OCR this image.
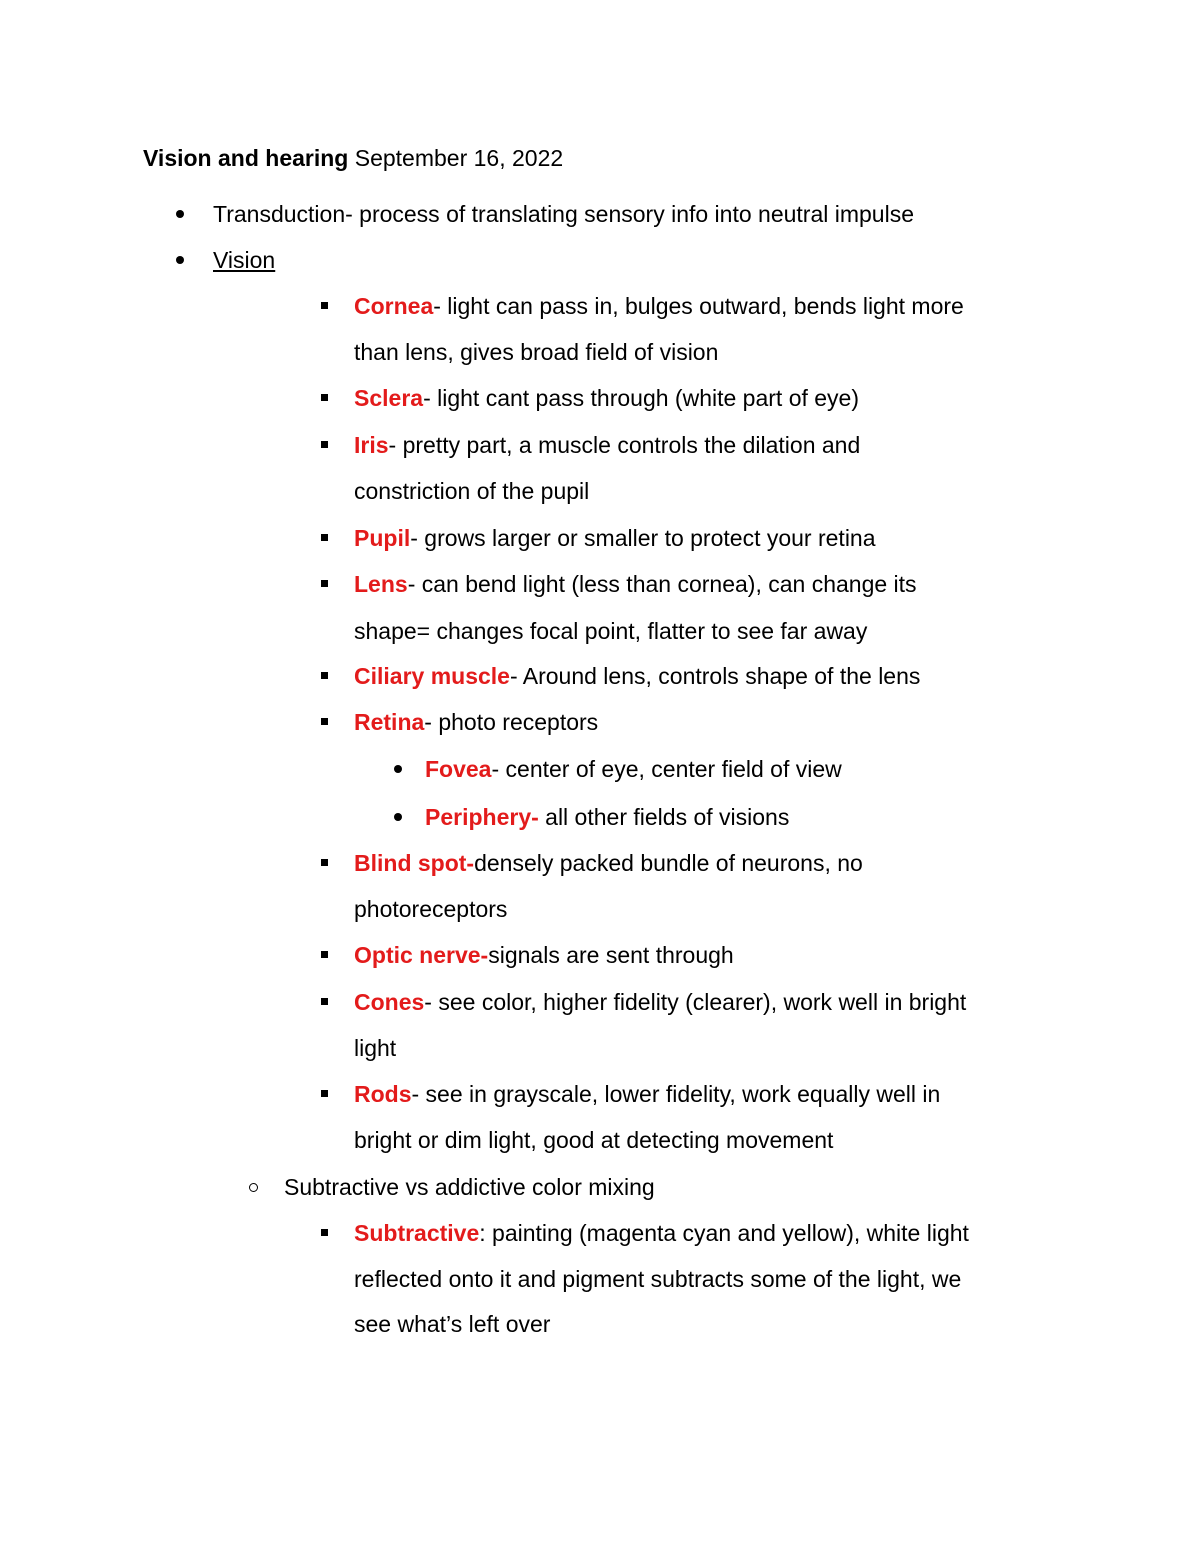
Vision and hearing September 16, 2022
Transduction- process of translating sensory info into neutral impulse
Vision
Cornea- light can pass in, bulges outward, bends light more
than lens, gives broad field of vision
Sclera- light cant pass through (white part of eye)
Iris- pretty part, a muscle controls the dilation and
constriction of the pupil
Pupil- grows larger or smaller to protect your retina
Lens- can bend light (less than cornea), can change its
shape= changes focal point, flatter to see far away
Ciliary muscle- Around lens, controls shape of the lens
Retina- photo receptors
Fovea- center of eye, center field of view
Periphery- all other fields of visions
Blind spot-densely packed bundle of neurons, no
photoreceptors
Optic nerve-signals are sent through
Cones- see color, higher fidelity (clearer), work well in bright
light
Rods- see in grayscale, lower fidelity, work equally well in
bright or dim light, good at detecting movement
Subtractive vs addictive color mixing
Subtractive: painting (magenta cyan and yellow), white light
reflected onto it and pigment subtracts some of the light, we
see what’s left over
